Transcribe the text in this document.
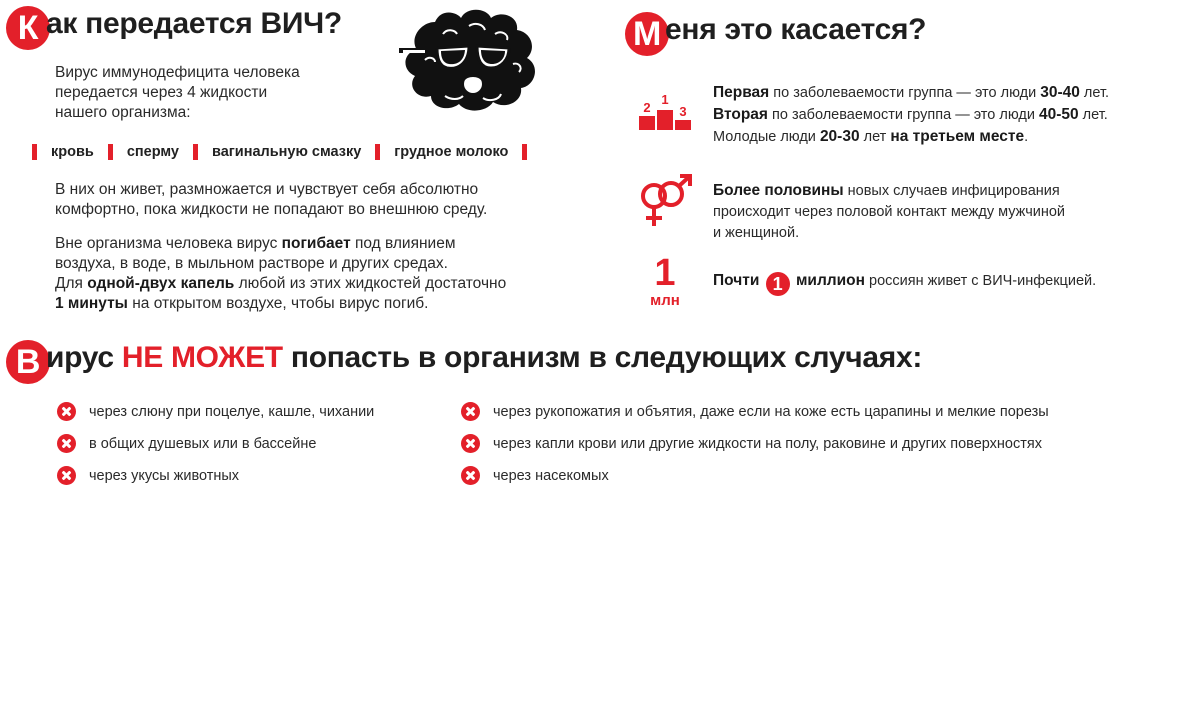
К ак передается ВИЧ?
Вирус иммунодефицита человека
передается через 4 жидкости
нашего организма:
кровь сперму вагинальную смазку грудное молоко
В них он живет, размножается и чувствует себя абсолютно
комфортно, пока жидкости не попадают во внешнюю среду.
Вне организма человека вирус погибает под влиянием
воздуха, в воде, в мыльном растворе и других средах.
Для одной-двух капель любой из этих жидкостей достаточно
1 минуты на открытом воздухе, чтобы вирус погиб.
М еня это касается?
2
1
3
Первая по заболеваемости группа — это люди 30-40 лет.
Вторая по заболеваемости группа — это люди 40-50 лет.
Молодые люди 20-30 лет на третьем месте.
Более половины новых случаев инфицирования
происходит через половой контакт между мужчиной
и женщиной.
1
млн
Почти 1 миллион россиян живет с ВИЧ-инфекцией.
В ирус НЕ МОЖЕТ попасть в организм в следующих случаях:
через слюну при поцелуе, кашле, чихании
в общих душевых или в бассейне
через укусы животных
через рукопожатия и объятия, даже если на коже есть царапины и мелкие порезы
через капли крови или другие жидкости на полу, раковине и других поверхностях
через насекомых
